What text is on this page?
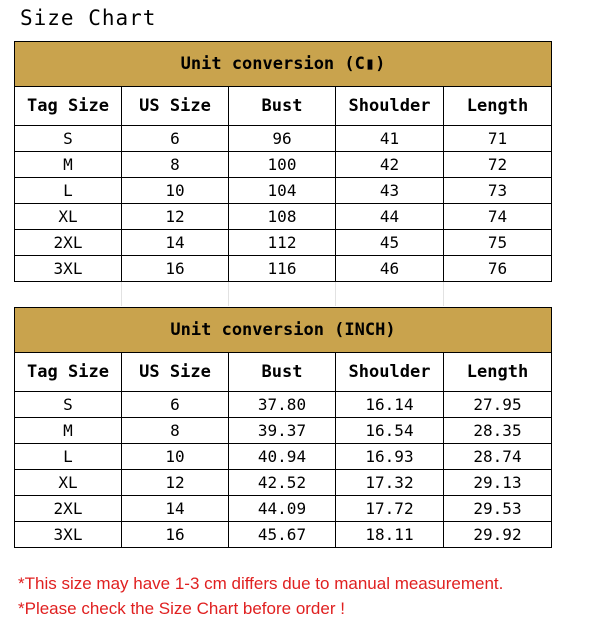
Size Chart
Unit conversion (C▮)				
Tag Size	US Size	Bust	Shoulder	Length
S	6	96	41	71
M	8	100	42	72
L	10	104	43	73
XL	12	108	44	74
2XL	14	112	45	75
3XL	16	116	46	76
Unit conversion (INCH)				
Tag Size	US Size	Bust	Shoulder	Length
S	6	37.80	16.14	27.95
M	8	39.37	16.54	28.35
L	10	40.94	16.93	28.74
XL	12	42.52	17.32	29.13
2XL	14	44.09	17.72	29.53
3XL	16	45.67	18.11	29.92
*This size may have 1-3 cm differs due to manual measurement.
*Please check the Size Chart before order !
